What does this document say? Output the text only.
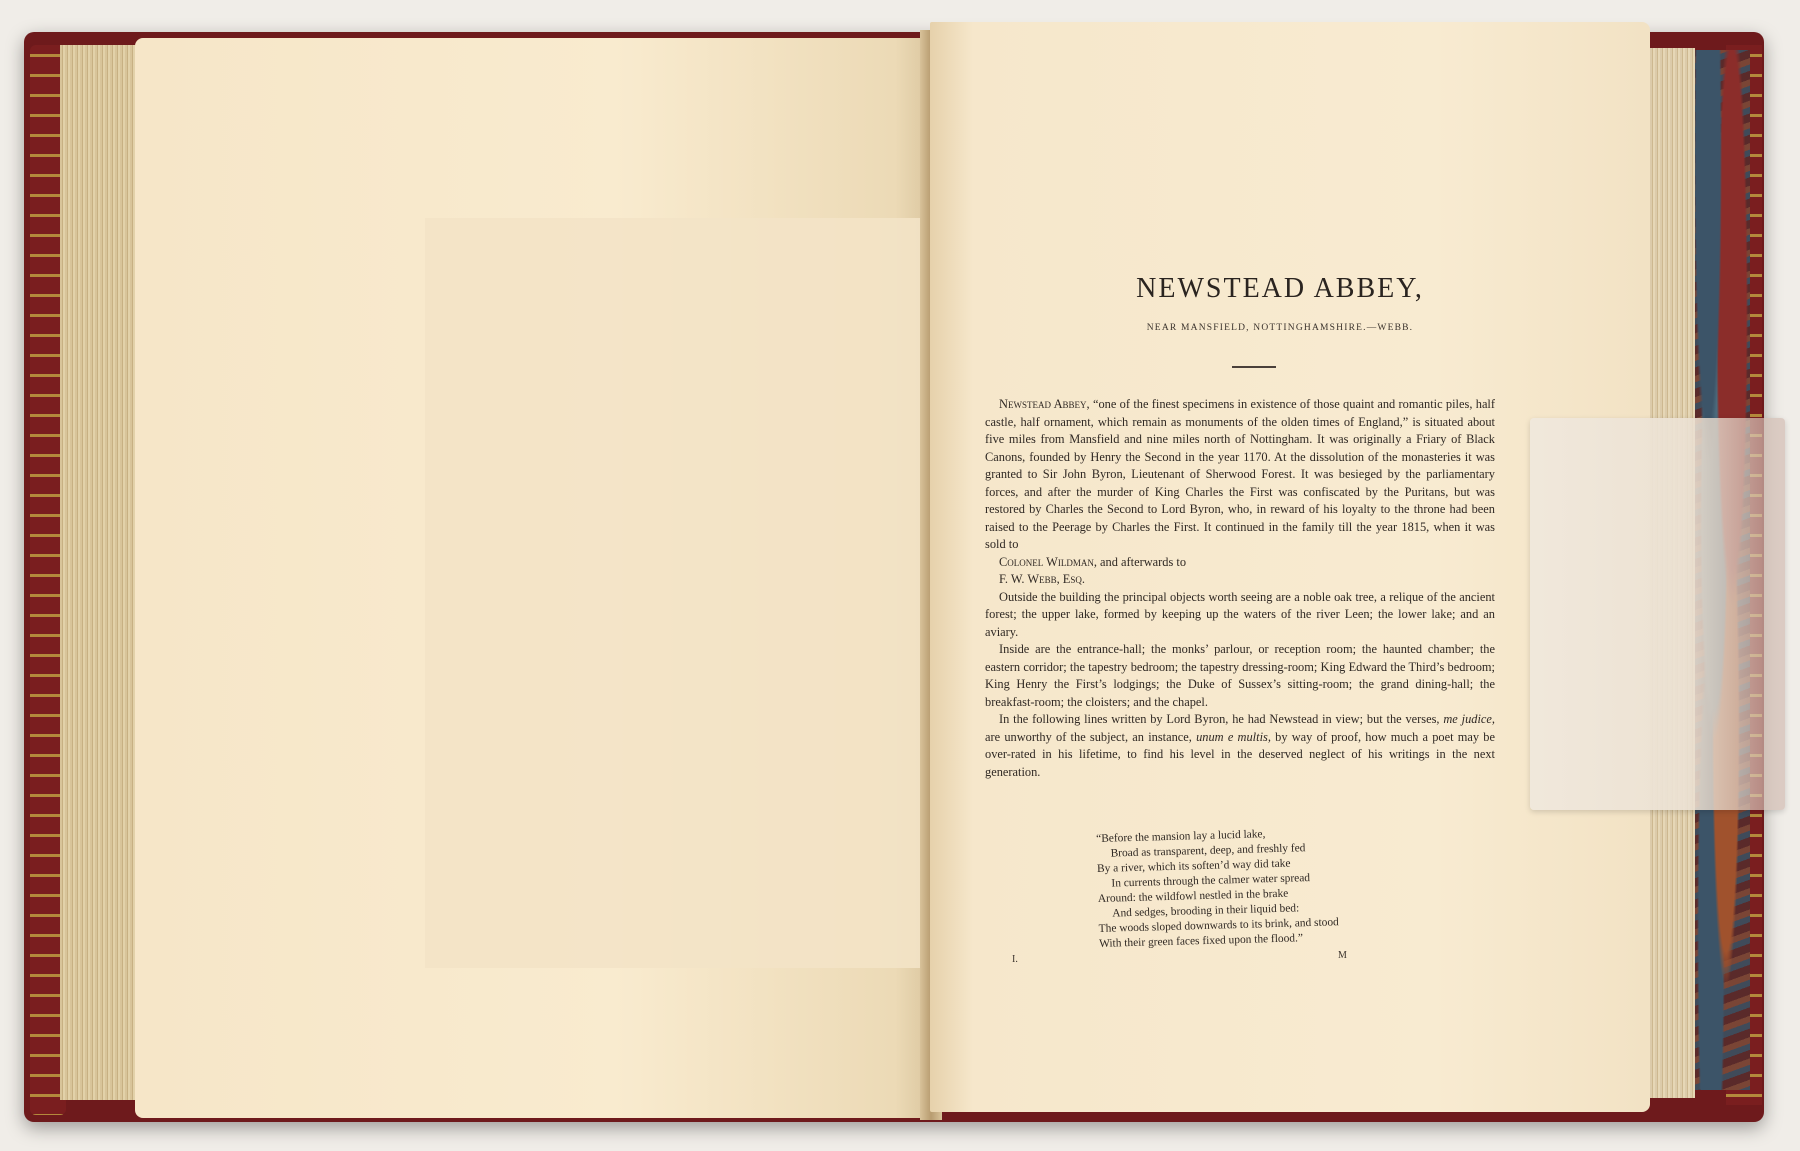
NEWSTEAD ABBEY,
NEAR MANSFIELD, NOTTINGHAMSHIRE.—WEBB.

Newstead Abbey, “one of the finest specimens in existence of those quaint and romantic piles, half castle, half ornament, which remain as monuments of the olden times of England,” is situated about five miles from Mansfield and nine miles north of Nottingham. It was originally a Friary of Black Canons, founded by Henry the Second in the year 1170. At the dissolution of the monasteries it was granted to Sir John Byron, Lieutenant of Sherwood Forest. It was besieged by the parliamentary forces, and after the murder of King Charles the First was confiscated by the Puritans, but was restored by Charles the Second to Lord Byron, who, in reward of his loyalty to the throne had been raised to the Peerage by Charles the First. It continued in the family till the year 1815, when it was sold to

Colonel Wildman, and afterwards to

F. W. Webb, Esq.

Outside the building the principal objects worth seeing are a noble oak tree, a relique of the ancient forest; the upper lake, formed by keeping up the waters of the river Leen; the lower lake; and an aviary.

Inside are the entrance-hall; the monks’ parlour, or reception room; the haunted chamber; the eastern corridor; the tapestry bedroom; the tapestry dressing-room; King Edward the Third’s bedroom; King Henry the First’s lodgings; the Duke of Sussex’s sitting-room; the grand dining-hall; the breakfast-room; the cloisters; and the chapel.

In the following lines written by Lord Byron, he had Newstead in view; but the verses, me judice, are unworthy of the subject, an instance, unum e multis, by way of proof, how much a poet may be over-rated in his lifetime, to find his level in the deserved neglect of his writings in the next generation.

“Before the mansion lay a lucid lake,
Broad as transparent, deep, and freshly fed
By a river, which its soften’d way did take
In currents through the calmer water spread
Around: the wildfowl nestled in the brake
And sedges, brooding in their liquid bed:
The woods sloped downwards to its brink, and stood
With their green faces fixed upon the flood.”
I.	M
